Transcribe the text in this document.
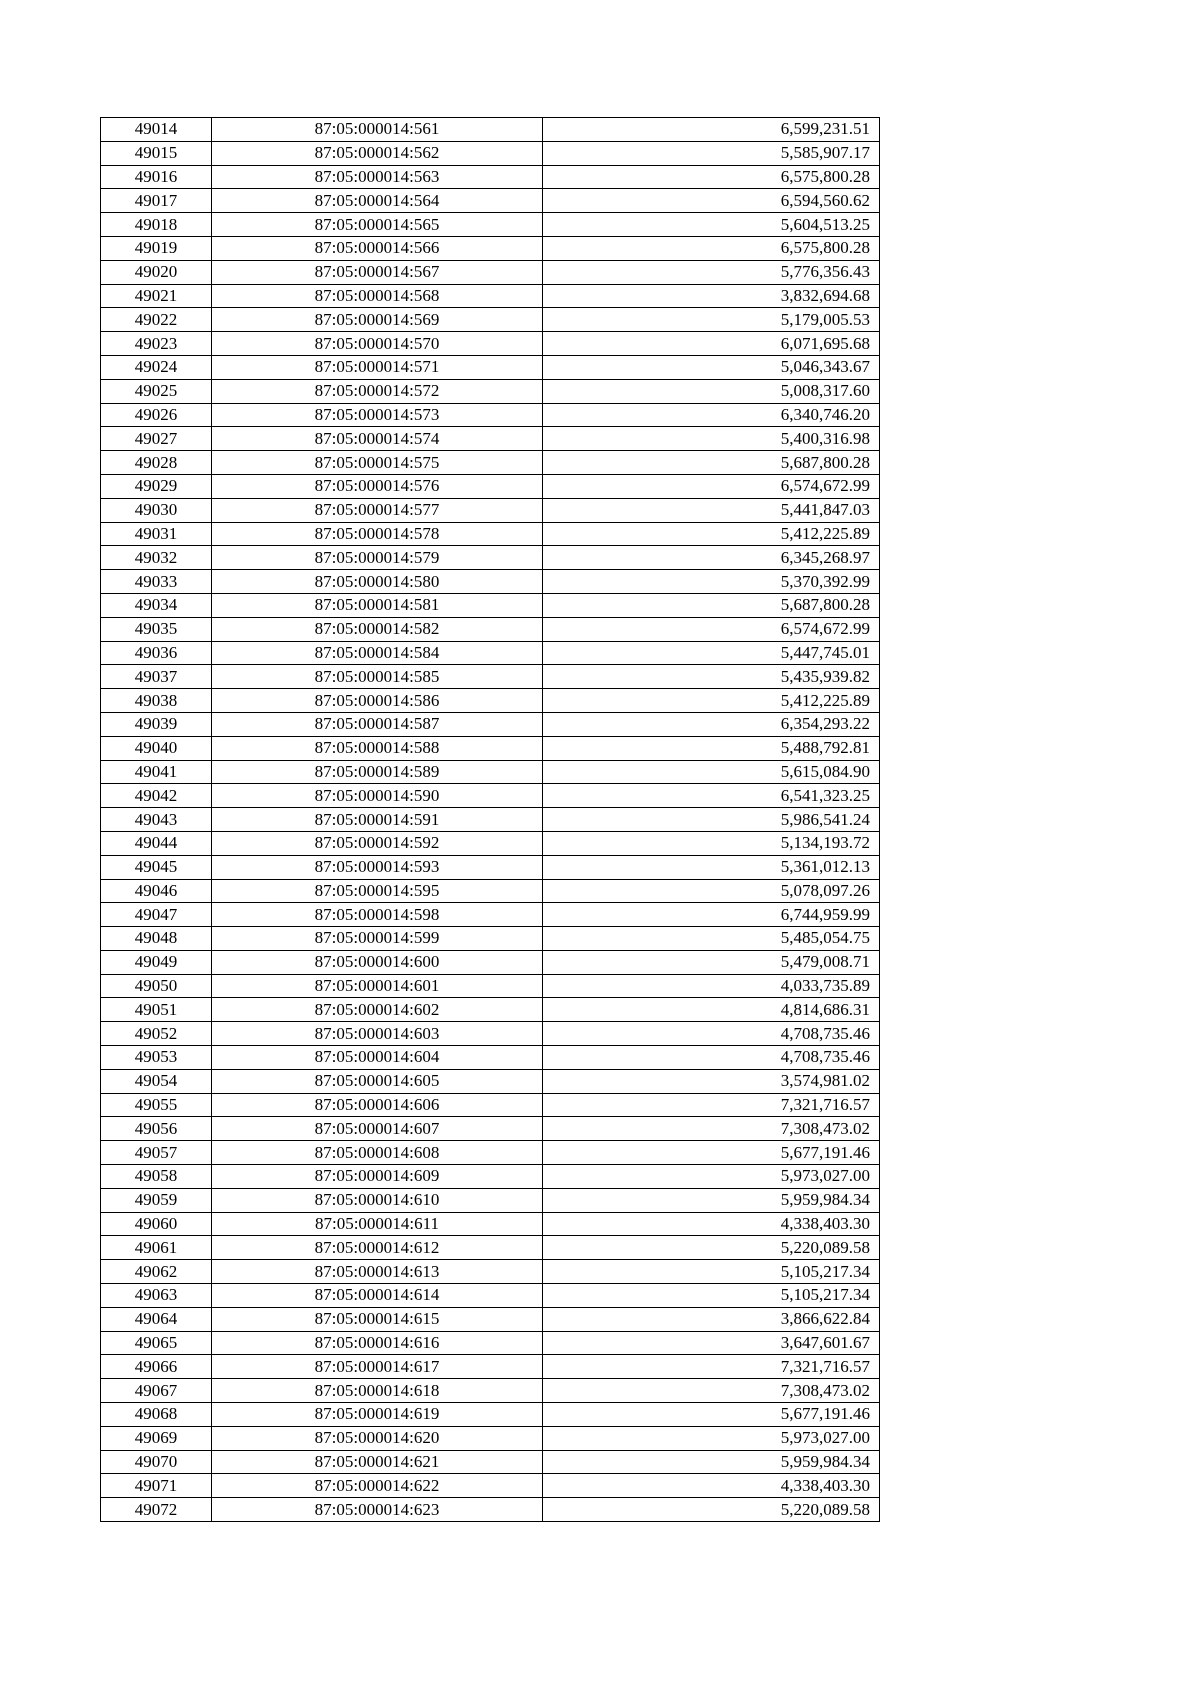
49014	87:05:000014:561	6,599,231.51
49015	87:05:000014:562	5,585,907.17
49016	87:05:000014:563	6,575,800.28
49017	87:05:000014:564	6,594,560.62
49018	87:05:000014:565	5,604,513.25
49019	87:05:000014:566	6,575,800.28
49020	87:05:000014:567	5,776,356.43
49021	87:05:000014:568	3,832,694.68
49022	87:05:000014:569	5,179,005.53
49023	87:05:000014:570	6,071,695.68
49024	87:05:000014:571	5,046,343.67
49025	87:05:000014:572	5,008,317.60
49026	87:05:000014:573	6,340,746.20
49027	87:05:000014:574	5,400,316.98
49028	87:05:000014:575	5,687,800.28
49029	87:05:000014:576	6,574,672.99
49030	87:05:000014:577	5,441,847.03
49031	87:05:000014:578	5,412,225.89
49032	87:05:000014:579	6,345,268.97
49033	87:05:000014:580	5,370,392.99
49034	87:05:000014:581	5,687,800.28
49035	87:05:000014:582	6,574,672.99
49036	87:05:000014:584	5,447,745.01
49037	87:05:000014:585	5,435,939.82
49038	87:05:000014:586	5,412,225.89
49039	87:05:000014:587	6,354,293.22
49040	87:05:000014:588	5,488,792.81
49041	87:05:000014:589	5,615,084.90
49042	87:05:000014:590	6,541,323.25
49043	87:05:000014:591	5,986,541.24
49044	87:05:000014:592	5,134,193.72
49045	87:05:000014:593	5,361,012.13
49046	87:05:000014:595	5,078,097.26
49047	87:05:000014:598	6,744,959.99
49048	87:05:000014:599	5,485,054.75
49049	87:05:000014:600	5,479,008.71
49050	87:05:000014:601	4,033,735.89
49051	87:05:000014:602	4,814,686.31
49052	87:05:000014:603	4,708,735.46
49053	87:05:000014:604	4,708,735.46
49054	87:05:000014:605	3,574,981.02
49055	87:05:000014:606	7,321,716.57
49056	87:05:000014:607	7,308,473.02
49057	87:05:000014:608	5,677,191.46
49058	87:05:000014:609	5,973,027.00
49059	87:05:000014:610	5,959,984.34
49060	87:05:000014:611	4,338,403.30
49061	87:05:000014:612	5,220,089.58
49062	87:05:000014:613	5,105,217.34
49063	87:05:000014:614	5,105,217.34
49064	87:05:000014:615	3,866,622.84
49065	87:05:000014:616	3,647,601.67
49066	87:05:000014:617	7,321,716.57
49067	87:05:000014:618	7,308,473.02
49068	87:05:000014:619	5,677,191.46
49069	87:05:000014:620	5,973,027.00
49070	87:05:000014:621	5,959,984.34
49071	87:05:000014:622	4,338,403.30
49072	87:05:000014:623	5,220,089.58
